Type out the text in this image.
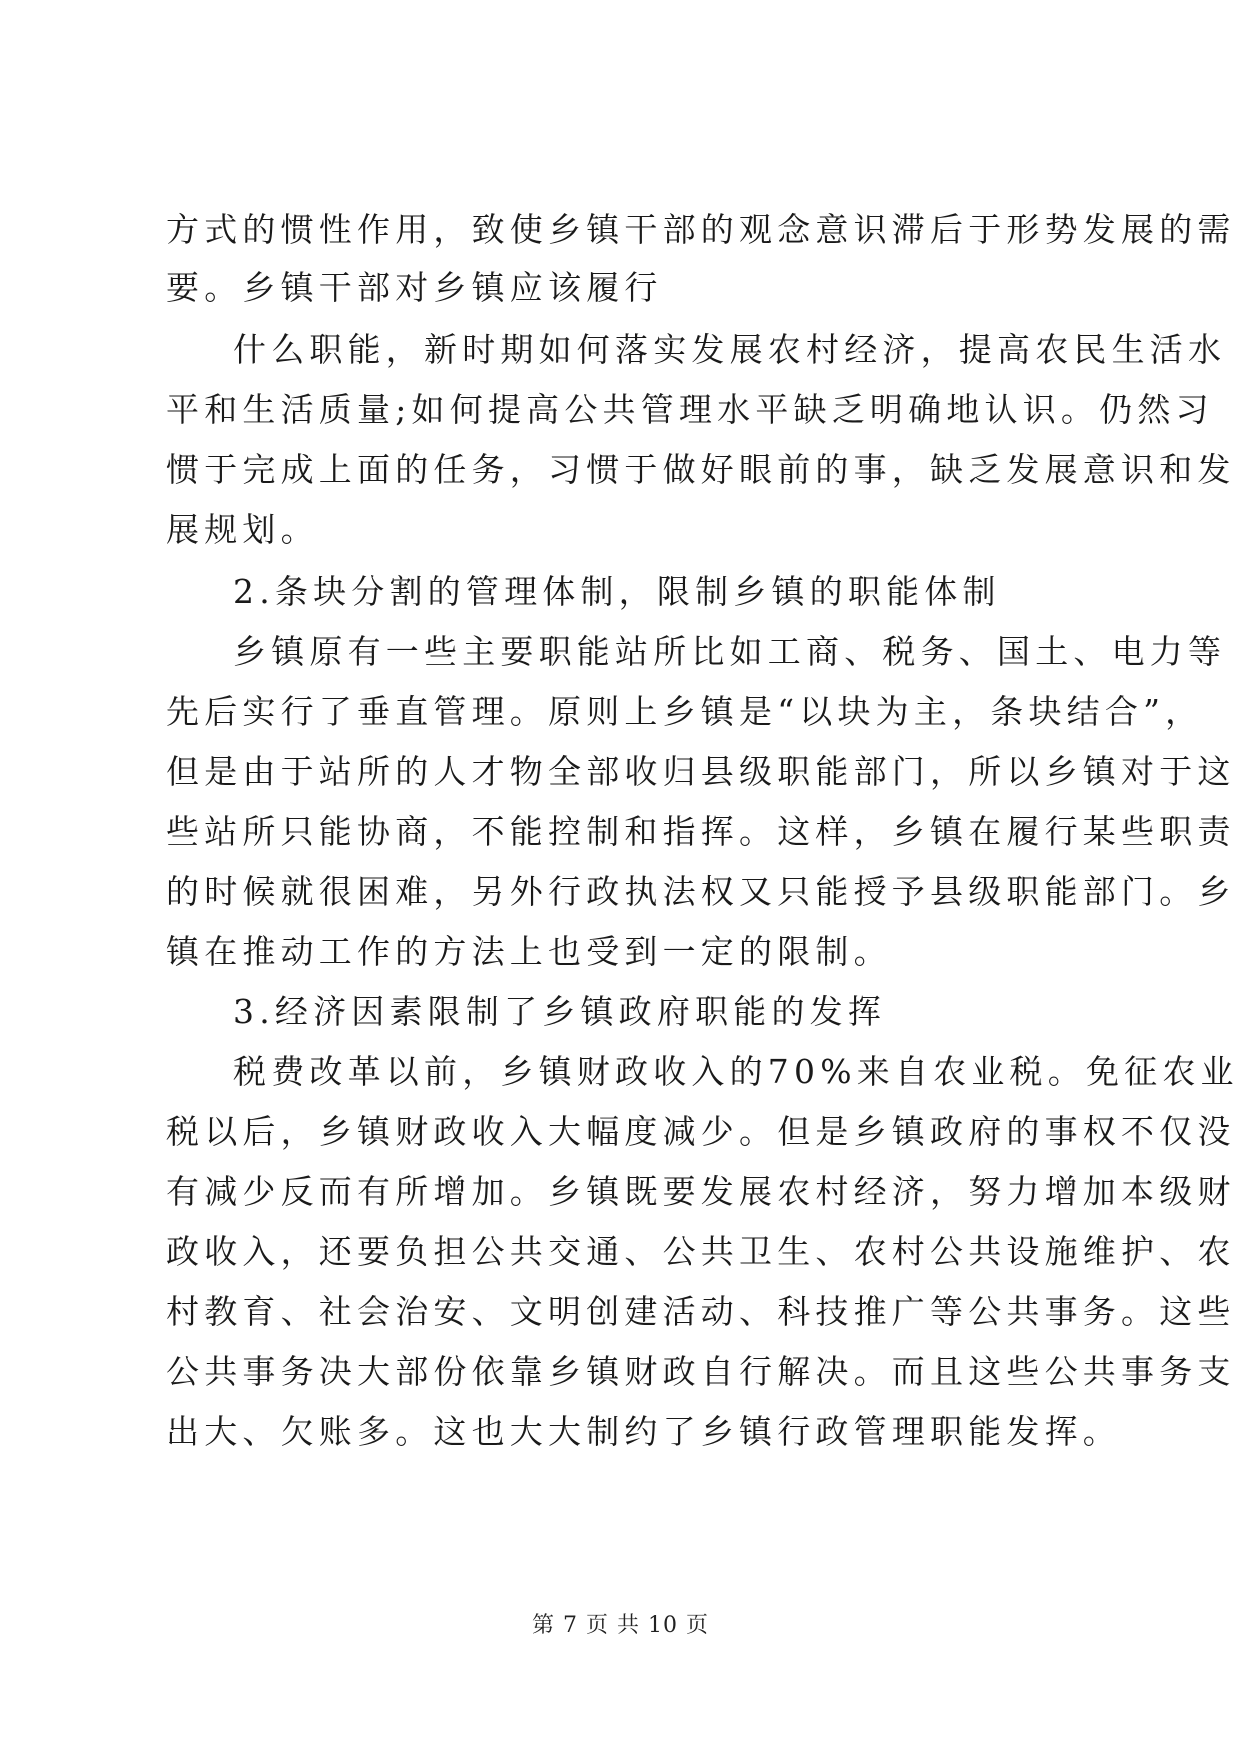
方式的惯性作用，致使乡镇干部的观念意识滞后于形势发展的需
要。乡镇干部对乡镇应该履行
什么职能，新时期如何落实发展农村经济，提高农民生活水
平和生活质量;如何提高公共管理水平缺乏明确地认识。仍然习
惯于完成上面的任务，习惯于做好眼前的事，缺乏发展意识和发
展规划。
2.条块分割的管理体制，限制乡镇的职能体制
乡镇原有一些主要职能站所比如工商、税务、国土、电力等
先后实行了垂直管理。原则上乡镇是“以块为主，条块结合”，
但是由于站所的人才物全部收归县级职能部门，所以乡镇对于这
些站所只能协商，不能控制和指挥。这样，乡镇在履行某些职责
的时候就很困难，另外行政执法权又只能授予县级职能部门。乡
镇在推动工作的方法上也受到一定的限制。
3.经济因素限制了乡镇政府职能的发挥
税费改革以前，乡镇财政收入的70%来自农业税。免征农业
税以后，乡镇财政收入大幅度减少。但是乡镇政府的事权不仅没
有减少反而有所增加。乡镇既要发展农村经济，努力增加本级财
政收入，还要负担公共交通、公共卫生、农村公共设施维护、农
村教育、社会治安、文明创建活动、科技推广等公共事务。这些
公共事务决大部份依靠乡镇财政自行解决。而且这些公共事务支
出大、欠账多。这也大大制约了乡镇行政管理职能发挥。
第 7 页 共 10 页
